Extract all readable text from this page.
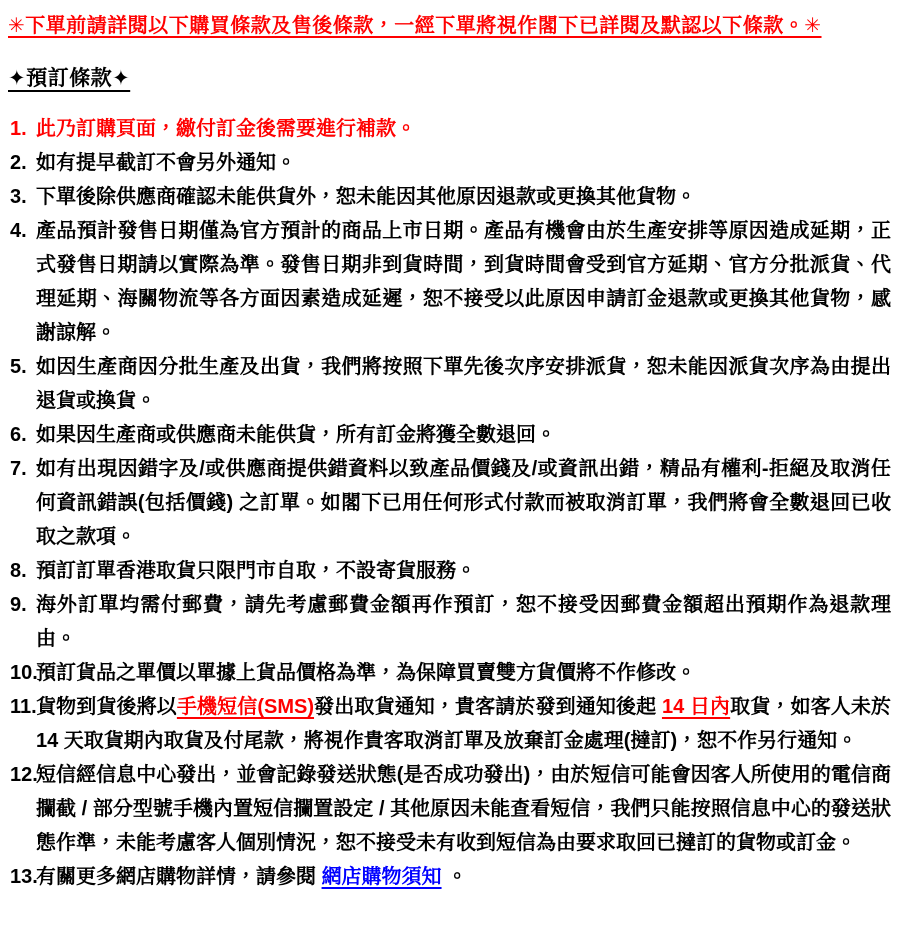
✳下單前請詳閱以下購買條款及售後條款，一經下單將視作閣下已詳閱及默認以下條款。✳
✦預訂條款✦
1. 此乃訂購頁面，繳付訂金後需要進行補款。
2. 如有提早截訂不會另外通知。
3. 下單後除供應商確認未能供貨外，恕未能因其他原因退款或更換其他貨物。
4. 產品預計發售日期僅為官方預計的商品上市日期。產品有機會由於生產安排等原因造成延期，正式發售日期請以實際為準。發售日期非到貨時間，到貨時間會受到官方延期、官方分批派貨、代理延期、海關物流等各方面因素造成延遲，恕不接受以此原因申請訂金退款或更換其他貨物，感謝諒解。
5. 如因生產商因分批生產及出貨，我們將按照下單先後次序安排派貨，恕未能因派貨次序為由提出退貨或換貨。
6. 如果因生產商或供應商未能供貨，所有訂金將獲全數退回。
7. 如有出現因錯字及/或供應商提供錯資料以致產品價錢及/或資訊出錯，精品有權利-拒絕及取消任何資訊錯誤(包括價錢) 之訂單。如閣下已用任何形式付款而被取消訂單，我們將會全數退回已收取之款項。
8. 預訂訂單香港取貨只限門市自取，不設寄貨服務。
9. 海外訂單均需付郵費，請先考慮郵費金額再作預訂，恕不接受因郵費金額超出預期作為退款理由。
10.
預訂貨品之單價以單據上貨品價格為準，為保障買賣雙方貨價將不作修改。
11. 貨物到貨後將以手機短信(SMS)發出取貨通知，貴客請於發到通知後起 14 日內取貨，如客人未於 14 天取貨期內取貨及付尾款，將視作貴客取消訂單及放棄訂金處理(撻訂)，恕不作另行通知。
12.
短信經信息中心發出，並會記錄發送狀態(是否成功發出)，由於短信可能會因客人所使用的電信商攔截 / 部分型號手機內置短信攔置設定 / 其他原因未能查看短信，我們只能按照信息中心的發送狀態作準，未能考慮客人個別情況，恕不接受未有收到短信為由要求取回已撻訂的貨物或訂金。
13.
有關更多網店購物詳情，請參閱 網店購物須知 。
